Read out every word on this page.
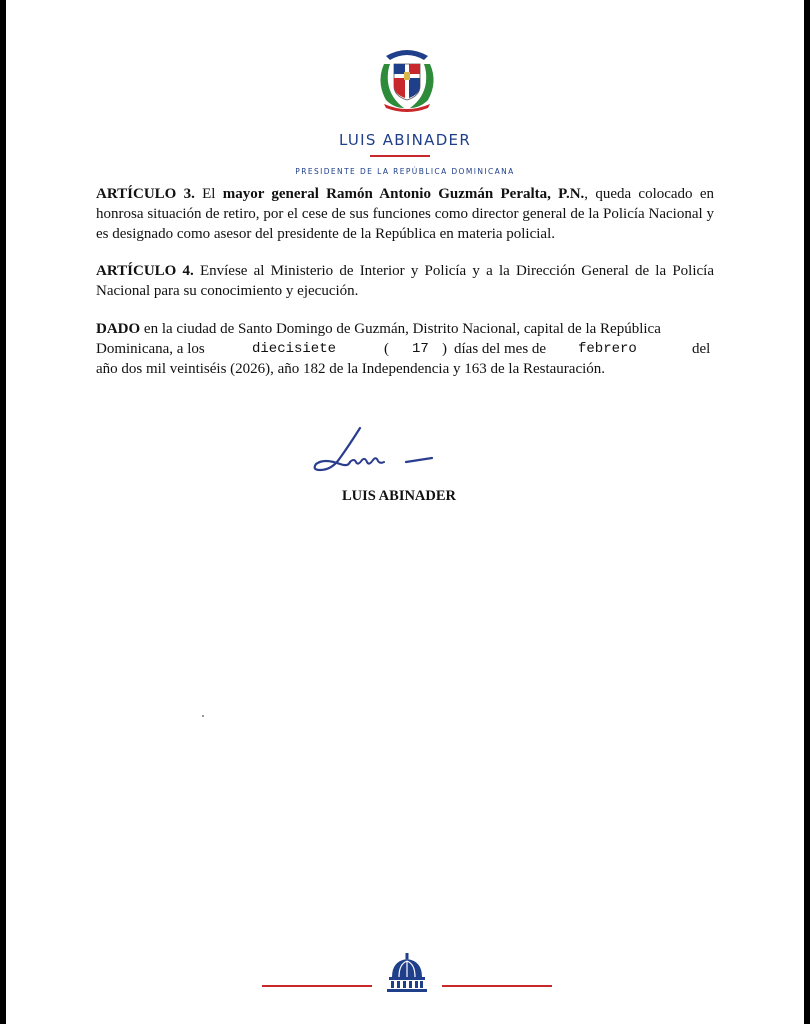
LUIS ABINADER
PRESIDENTE DE LA REPÚBLICA DOMINICANA

ARTÍCULO 3. El mayor general Ramón Antonio Guzmán Peralta, P.N., queda colocado en honrosa situación de retiro, por el cese de sus funciones como director general de la Policía Nacional y es designado como asesor del presidente de la República en materia policial.

ARTÍCULO 4. Envíese al Ministerio de Interior y Policía y a la Dirección General de la Policía Nacional para su conocimiento y ejecución.

DADO en la ciudad de Santo Domingo de Guzmán, Distrito Nacional, capital de la República
Dominicana, a los	diecisiete	( 17 ) días del mes de febrero	del
año dos mil veintiséis (2026), año 182 de la Independencia y 163 de la Restauración.
LUIS ABINADER
